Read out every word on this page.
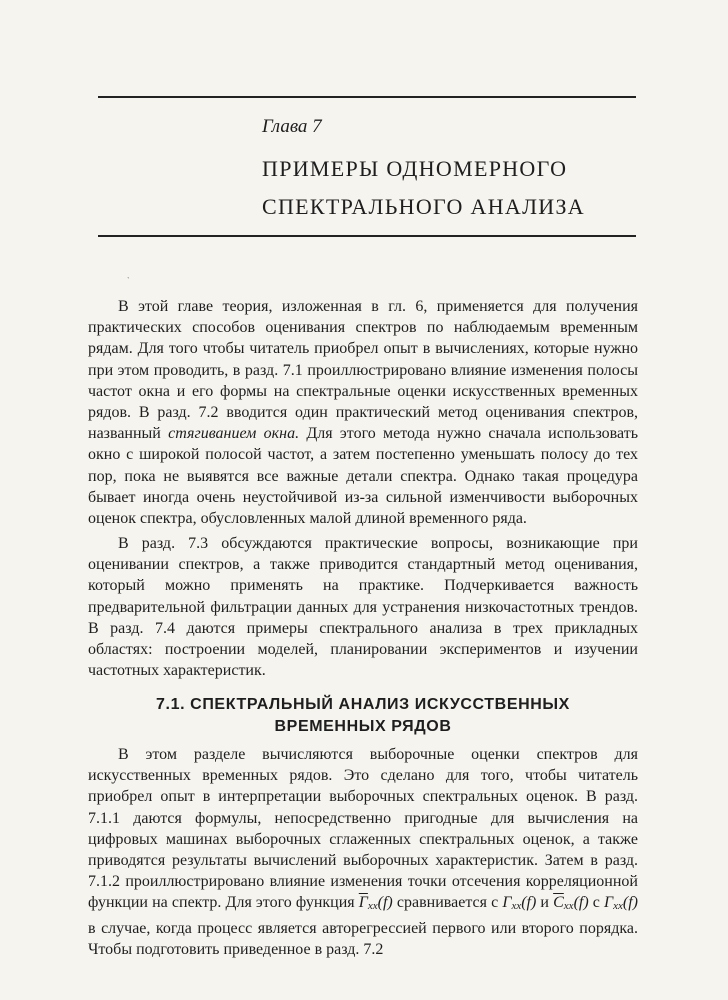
Глава 7
ПРИМЕРЫ ОДНОМЕРНОГО
СПЕКТРАЛЬНОГО АНАЛИЗА
ˋ

В этой главе теория, изложенная в гл. 6, применяется для получения практических способов оценивания спектров по наблюдаемым временным рядам. Для того чтобы читатель приобрел опыт в вычислениях, которые нужно при этом проводить, в разд. 7.1 проиллюстрировано влияние изменения полосы частот окна и его формы на спектральные оценки искусственных временных рядов. В разд. 7.2 вводится один практический метод оценивания спектров, названный стягиванием окна. Для этого метода нужно сначала использовать окно с широкой полосой частот, а затем постепенно уменьшать полосу до тех пор, пока не выявятся все важные детали спектра. Однако такая процедура бывает иногда очень неустойчивой из-за сильной изменчивости выборочных оценок спектра, обусловленных малой длиной временного ряда.

В разд. 7.3 обсуждаются практические вопросы, возникающие при оценивании спектров, а также приводится стандартный метод оценивания, который можно применять на практике. Подчеркивается важность предварительной фильтрации данных для устранения низкочастотных трендов. В разд. 7.4 даются примеры спектрального анализа в трех прикладных областях: построении моделей, планировании экспериментов и изучении частотных характеристик.

7.1. СПЕКТРАЛЬНЫЙ АНАЛИЗ ИСКУССТВЕННЫХ
ВРЕМЕННЫХ РЯДОВ

В этом разделе вычисляются выборочные оценки спектров для искусственных временных рядов. Это сделано для того, чтобы читатель приобрел опыт в интерпретации выборочных спектральных оценок. В разд. 7.1.1 даются формулы, непосредственно пригодные для вычисления на цифровых машинах выборочных сглаженных спектральных оценок, а также приводятся результаты вычислений выборочных характеристик. Затем в разд. 7.1.2 проиллюстрировано влияние изменения точки отсечения корреляционной функции на спектр. Для этого функция $\overline{\Gamma}xx(f)$ сравнивается с Γxx(f) и $\overline{C}xx(f)$ с Γxx(f) в случае, когда процесс является авторегрессией первого или второго порядка. Чтобы подготовить приведенное в разд. 7.2
